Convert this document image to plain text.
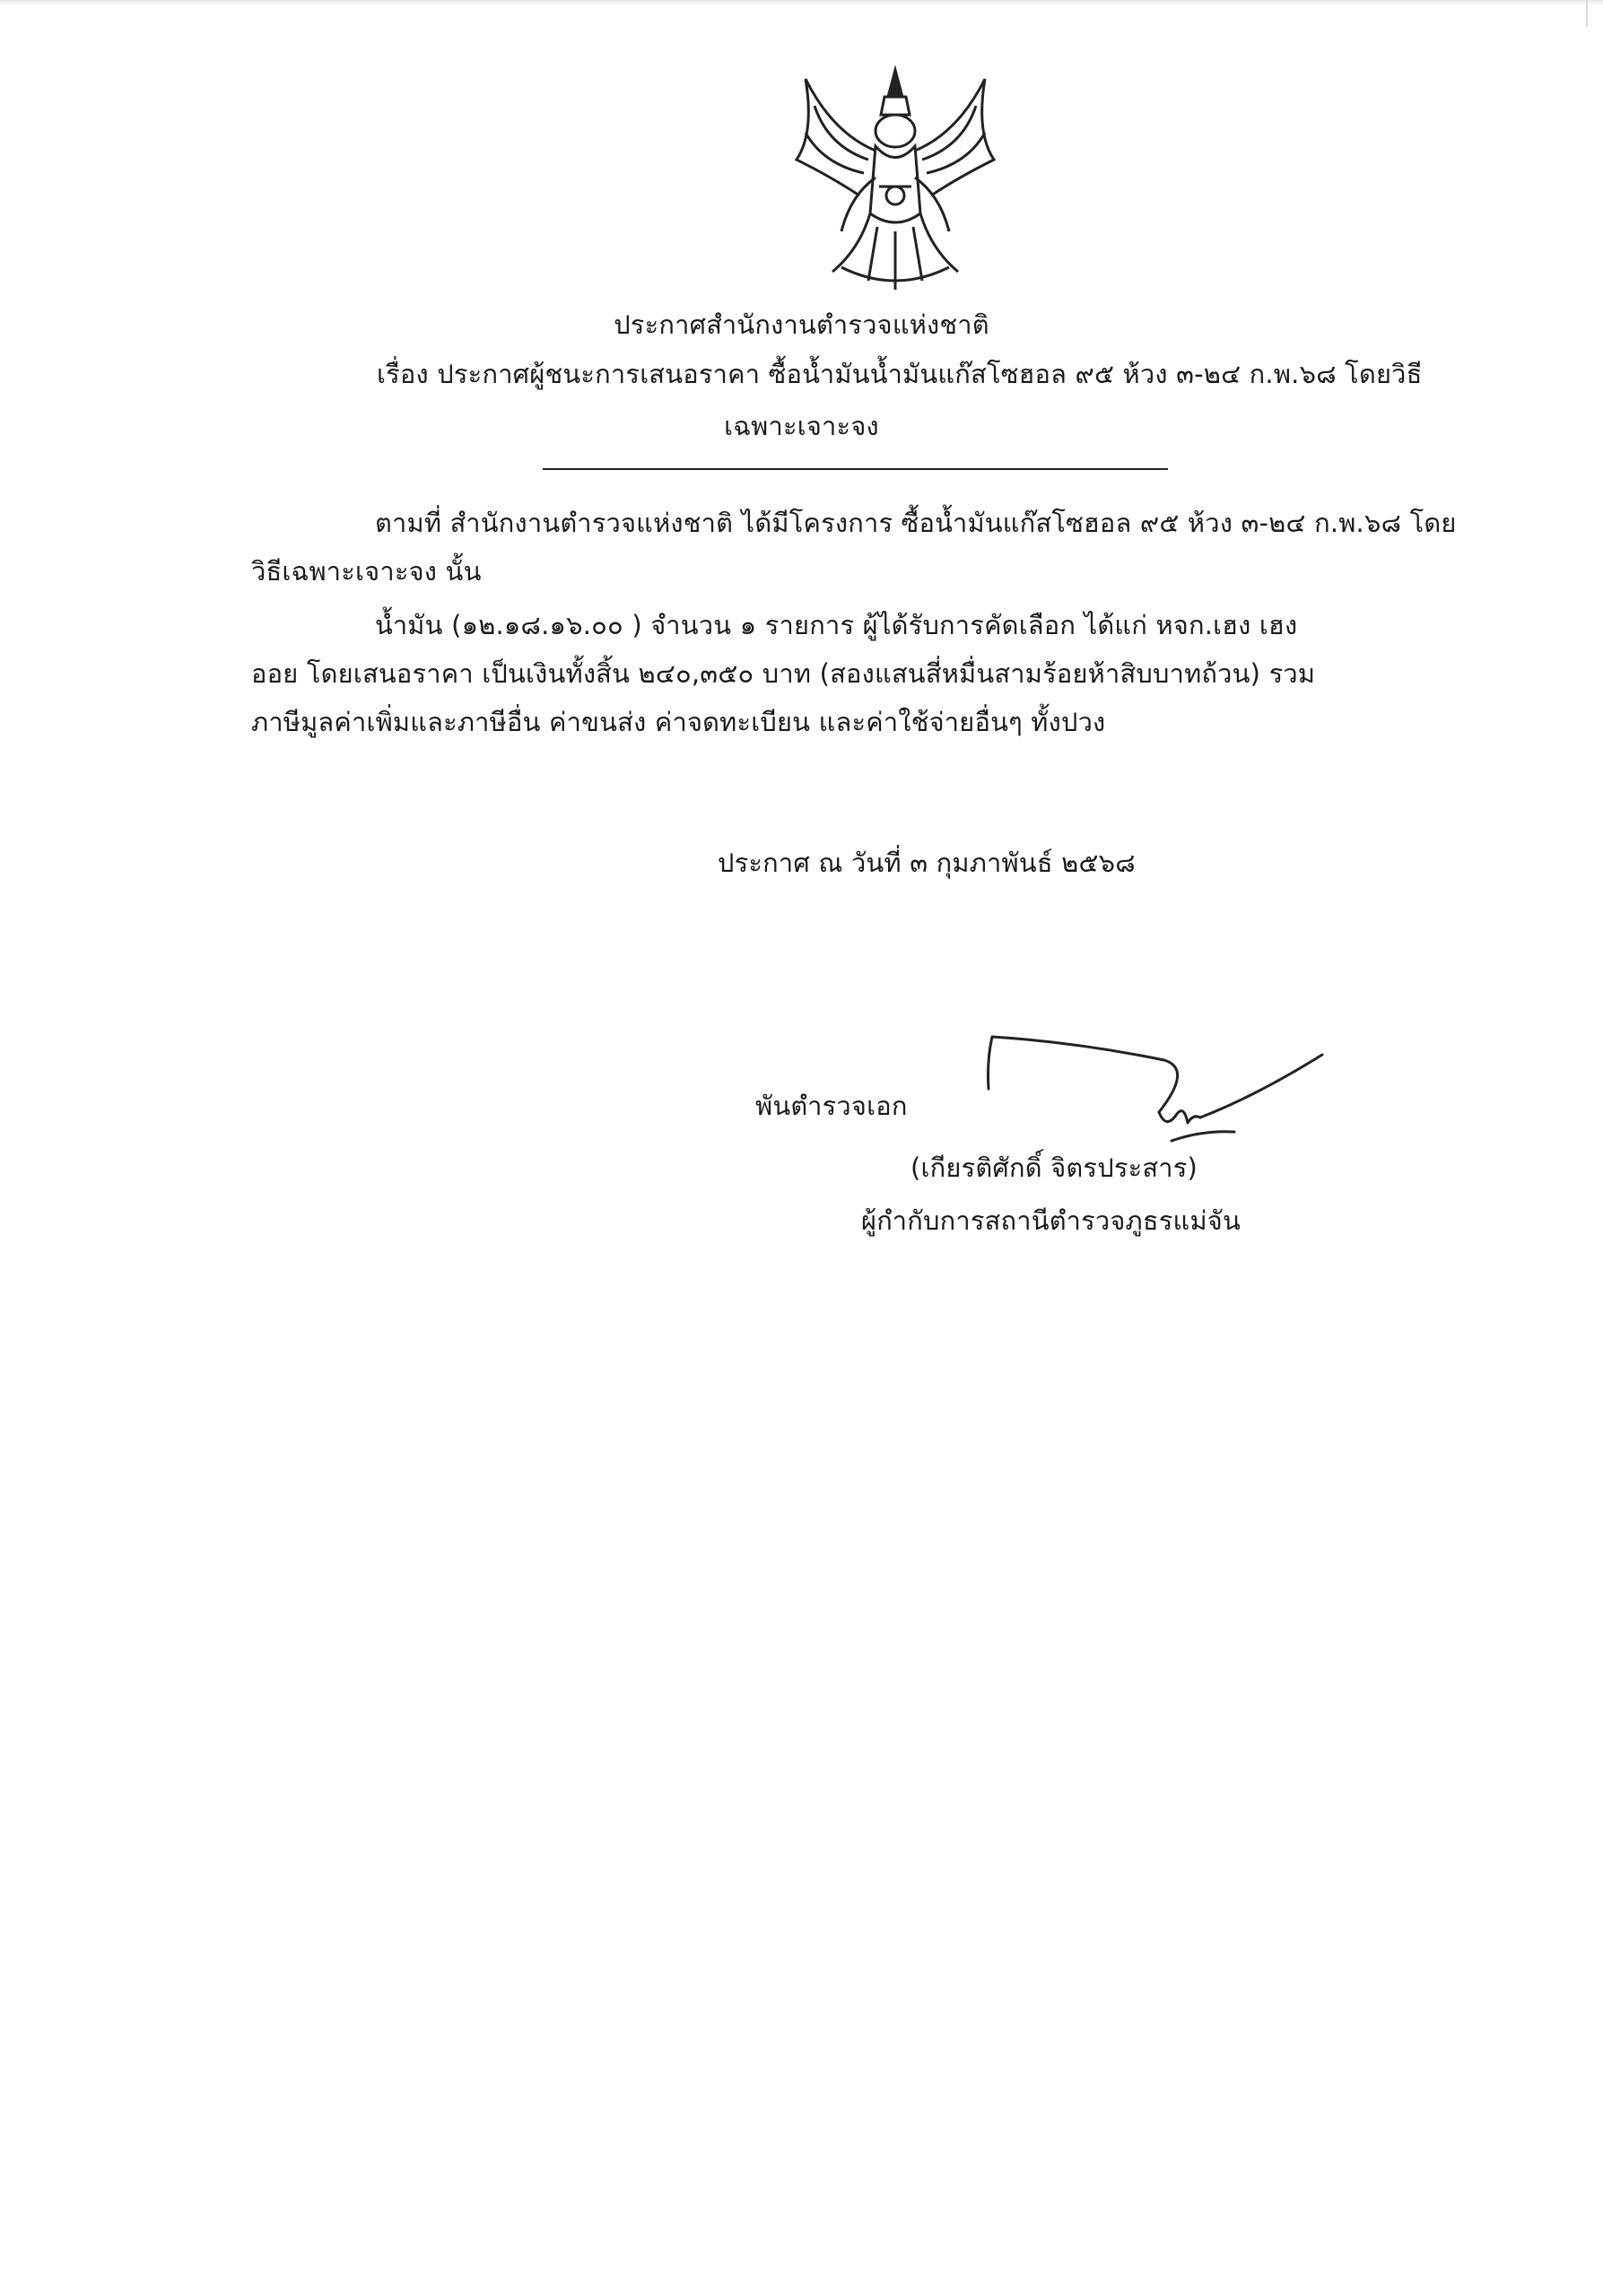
ประกาศสำนักงานตำรวจแห่งชาติ
เรื่อง ประกาศผู้ชนะการเสนอราคา ซื้อน้ำมันน้ำมันแก๊สโซฮอล ๙๕ ห้วง ๓-๒๔ ก.พ.๖๘ โดยวิธี
เฉพาะเจาะจง
ตามที่ สำนักงานตำรวจแห่งชาติ ได้มีโครงการ ซื้อน้ำมันแก๊สโซฮอล ๙๕ ห้วง ๓-๒๔ ก.พ.๖๘ โดย
วิธีเฉพาะเจาะจง นั้น
น้ำมัน (๑๒.๑๘.๑๖.๐๐ ) จำนวน ๑ รายการ ผู้ได้รับการคัดเลือก ได้แก่ หจก.เฮง เฮง
ออย โดยเสนอราคา เป็นเงินทั้งสิ้น ๒๔๐,๓๕๐ บาท (สองแสนสี่หมื่นสามร้อยห้าสิบบาทถ้วน) รวม
ภาษีมูลค่าเพิ่มและภาษีอื่น ค่าขนส่ง ค่าจดทะเบียน และค่าใช้จ่ายอื่นๆ ทั้งปวง
ประกาศ ณ วันที่ ๓ กุมภาพันธ์ ๒๕๖๘
พันตำรวจเอก
(เกียรติศักดิ์ จิตรประสาร)
ผู้กำกับการสถานีตำรวจภูธรแม่จัน
